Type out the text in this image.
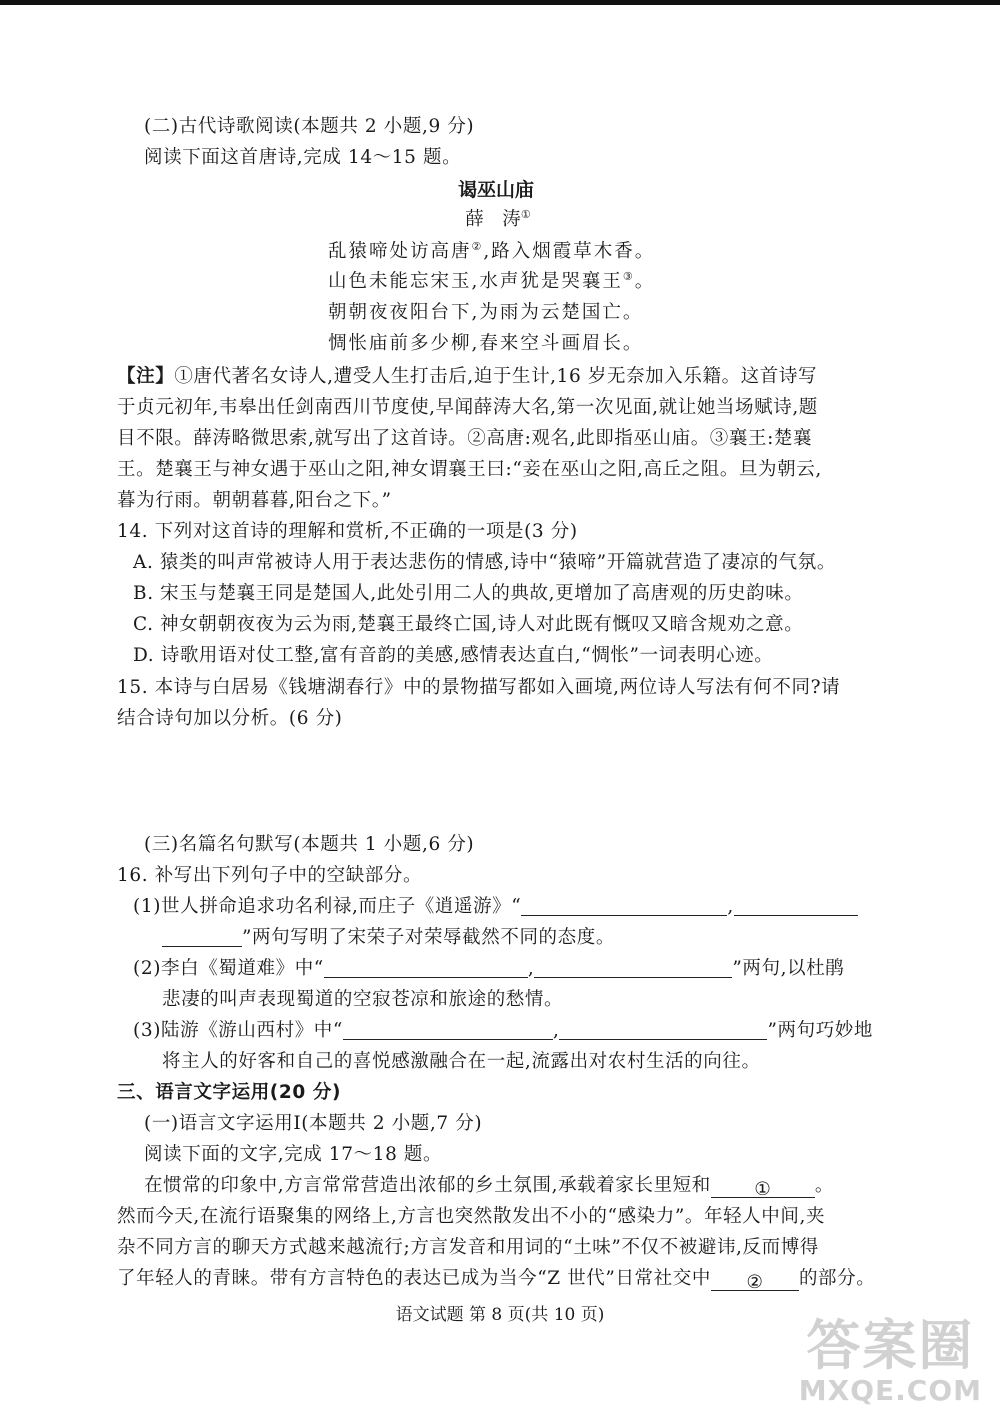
(二)古代诗歌阅读(本题共 2 小题,9 分)
阅读下面这首唐诗,完成 14～15 题。
谒巫山庙
薛　涛①
乱猿啼处访高唐②,路入烟霞草木香。
山色未能忘宋玉,水声犹是哭襄王③。
朝朝夜夜阳台下,为雨为云楚国亡。
惆怅庙前多少柳,春来空斗画眉长。
【注】①唐代著名女诗人,遭受人生打击后,迫于生计,16 岁无奈加入乐籍。这首诗写
于贞元初年,韦皋出任剑南西川节度使,早闻薛涛大名,第一次见面,就让她当场赋诗,题
目不限。薛涛略微思索,就写出了这首诗。②高唐:观名,此即指巫山庙。③襄王:楚襄
王。楚襄王与神女遇于巫山之阳,神女谓襄王曰:“妾在巫山之阳,高丘之阻。旦为朝云,
暮为行雨。朝朝暮暮,阳台之下。”
14. 下列对这首诗的理解和赏析,不正确的一项是(3 分)
A. 猿类的叫声常被诗人用于表达悲伤的情感,诗中“猿啼”开篇就营造了凄凉的气氛。
B. 宋玉与楚襄王同是楚国人,此处引用二人的典故,更增加了高唐观的历史韵味。
C. 神女朝朝夜夜为云为雨,楚襄王最终亡国,诗人对此既有慨叹又暗含规劝之意。
D. 诗歌用语对仗工整,富有音韵的美感,感情表达直白,“惆怅”一词表明心迹。
15. 本诗与白居易《钱塘湖春行》中的景物描写都如入画境,两位诗人写法有何不同?请
结合诗句加以分析。(6 分)
(三)名篇名句默写(本题共 1 小题,6 分)
16. 补写出下列句子中的空缺部分。
(1)世人拼命追求功名利禄,而庄子《逍遥游》“	,
”两句写明了宋荣子对荣辱截然不同的态度。
(2)李白《蜀道难》中“	,	”两句,以杜鹃
悲凄的叫声表现蜀道的空寂苍凉和旅途的愁情。
(3)陆游《游山西村》中“	,	”两句巧妙地
将主人的好客和自己的喜悦感激融合在一起,流露出对农村生活的向往。
三、语言文字运用(20 分)
(一)语言文字运用Ⅰ(本题共 2 小题,7 分)
阅读下面的文字,完成 17～18 题。
在惯常的印象中,方言常常营造出浓郁的乡土氛围,承载着家长里短和 ① 。
然而今天,在流行语聚集的网络上,方言也突然散发出不小的“感染力”。年轻人中间,夹
杂不同方言的聊天方式越来越流行;方言发音和用词的“土味”不仅不被避讳,反而博得
了年轻人的青睐。带有方言特色的表达已成为当今“Z 世代”日常社交中 ② 的部分。
语文试题 第 8 页(共 10 页)	答案圈
MXQE.COM
